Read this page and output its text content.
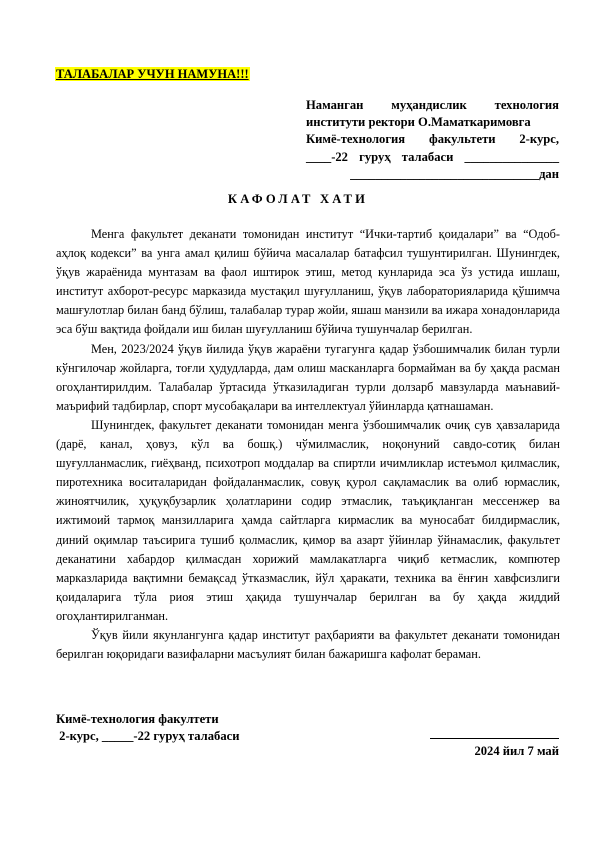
ТАЛАБАЛАР УЧУН НАМУНА!!!
Наманган муҳандислик технология
институти ректори О.Маматкаримовга
Кимё-технология факультети 2-курс,
____-22 гуруҳ талабаси _______________
______________________________дан
КАФОЛАТ ХАТИ

Менга факультет деканати томонидан институт “Ички-тартиб қоидалари” ва “Одоб-аҳлоқ кодекси” ва унга амал қилиш бўйича масалалар батафсил тушунтирилган. Шунингдек, ўқув жараёнида мунтазам ва фаол иштирок этиш, метод кунларида эса ўз устида ишлаш, институт ахборот-ресурс марказида мустақил шуғулланиш, ўқув лабораторияларида қўшимча машғулотлар билан банд бўлиш, талабалар турар жойи, яшаш манзили ва ижара хонадонларида эса бўш вақтида фойдали иш билан шуғулланиш бўйича тушунчалар берилган.

Мен, 2023/2024 ўқув йилида ўқув жараёни тугагунга қадар ўзбошимчалик билан турли кўнгилочар жойларга, тоғли ҳудудларда, дам олиш масканларга бормайман ва бу ҳақда расман огоҳлантирилдим. Талабалар ўртасида ўтказиладиган турли долзарб мавзуларда маънавий-маърифий тадбирлар, спорт мусобақалари ва интеллектуал ўйинларда қатнашаман.

Шунингдек, факультет деканати томонидан менга ўзбошимчалик очиқ сув ҳавзаларида (дарё, канал, ҳовуз, кўл ва бошқ.) чўмилмаслик, ноқонуний савдо-сотиқ билан шуғулланмаслик, гиёҳванд, психотроп моддалар ва спиртли ичимликлар истеъмол қилмаслик, пиротехника воситаларидан фойдаланмаслик, совуқ қурол сақламаслик ва олиб юрмаслик, жиноятчилик, ҳуқуқбузарлик ҳолатларини содир этмаслик, таъқиқланган мессенжер ва ижтимоий тармоқ манзилларига ҳамда сайтларга кирмаслик ва муносабат билдирмаслик, диний оқимлар таъсирига тушиб қолмаслик, қимор ва азарт ўйинлар ўйнамаслик, факультет деканатини хабардор қилмасдан хорижий мамлакатларга чиқиб кетмаслик, компютер марказларида вақтимни бемақсад ўтказмаслик, йўл ҳаракати, техника ва ёнғин хавфсизлиги қоидаларига тўла риоя этиш ҳақида тушунчалар берилган ва бу ҳақда жиддий огоҳлантирилганман.

Ўқув йили якунлангунга қадар институт раҳбарияти ва факультет деканати томонидан берилган юқоридаги вазифаларни масъулият билан бажаришга кафолат бераман.

Кимё-технология факултети
2-курс, _____-22 гуруҳ талабаси
2024 йил 7 май
